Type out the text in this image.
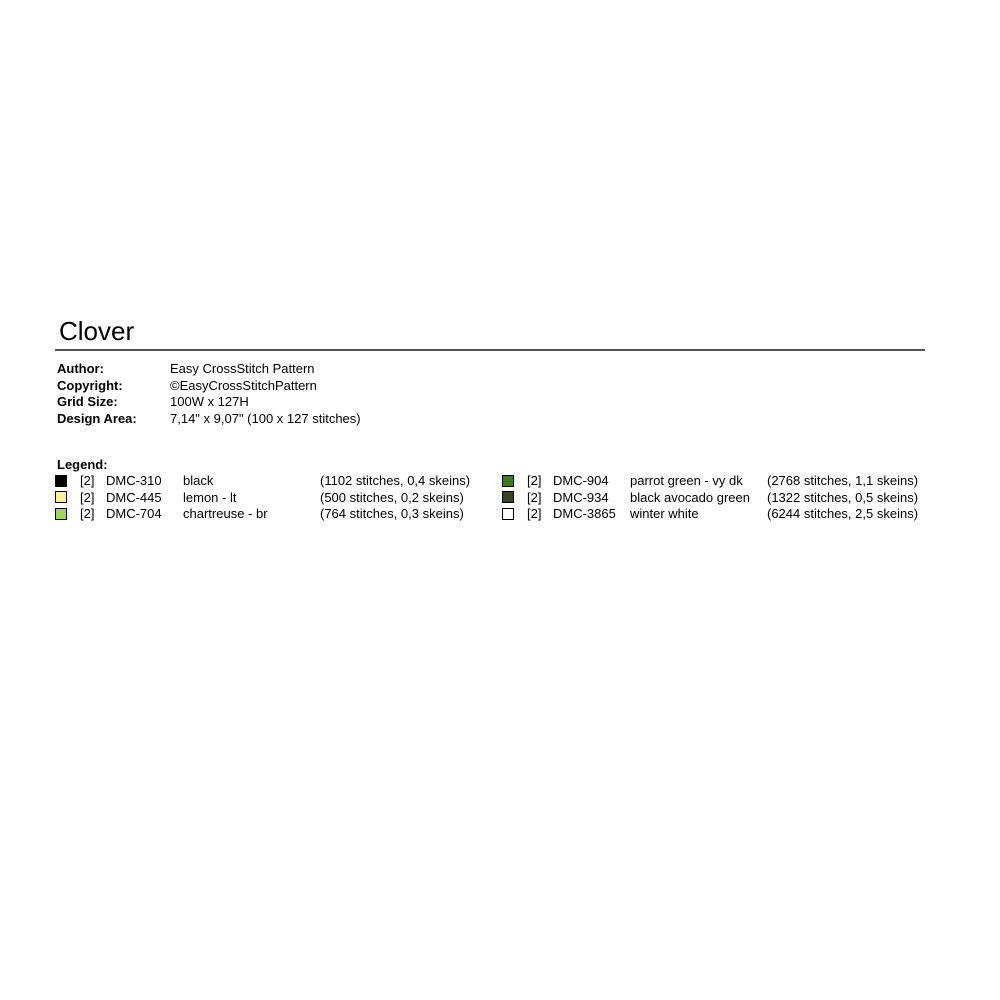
Clover
Author:	Easy CrossStitch Pattern
Copyright:	©EasyCrossStitchPattern
Grid Size:	100W x 127H
Design Area:	7,14" x 9,07" (100 x 127 stitches)
Legend:
[2] DMC-310 black	(1102 stitches, 0,4 skeins)
[2] DMC-445 lemon - lt	(500 stitches, 0,2 skeins)
[2] DMC-704 chartreuse - br	(764 stitches, 0,3 skeins)
[2] DMC-904 parrot green - vy dk (2768 stitches, 1,1 skeins)
[2] DMC-934 black avocado green (1322 stitches, 0,5 skeins)
[2] DMC-3865 winter white	(6244 stitches, 2,5 skeins)
